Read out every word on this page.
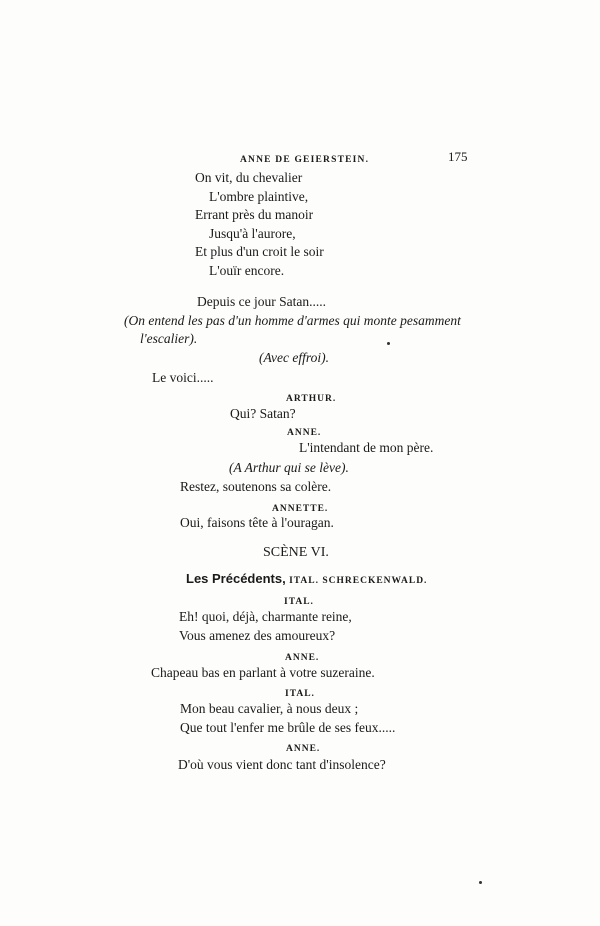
ANNE DE GEIERSTEIN.	175
On vit, du chevalier
L'ombre plaintive,
Errant près du manoir
Jusqu'à l'aurore,
Et plus d'un croit le soir
L'ouïr encore.
Depuis ce jour Satan.....
(On entend les pas d'un homme d'armes qui monte pesamment
l'escalier).
(Avec effroi).
Le voici.....
ARTHUR.
Qui? Satan?
ANNE.
L'intendant de mon père.
(A Arthur qui se lève).
Restez, soutenons sa colère.
ANNETTE.
Oui, faisons tête à l'ouragan.
SCÈNE VI.
Les Précédents, ITAL. SCHRECKENWALD.
ITAL.
Eh! quoi, déjà, charmante reine,
Vous amenez des amoureux?
ANNE.
Chapeau bas en parlant à votre suzeraine.
ITAL.
Mon beau cavalier, à nous deux ;
Que tout l'enfer me brûle de ses feux.....
ANNE.
D'où vous vient donc tant d'insolence?
